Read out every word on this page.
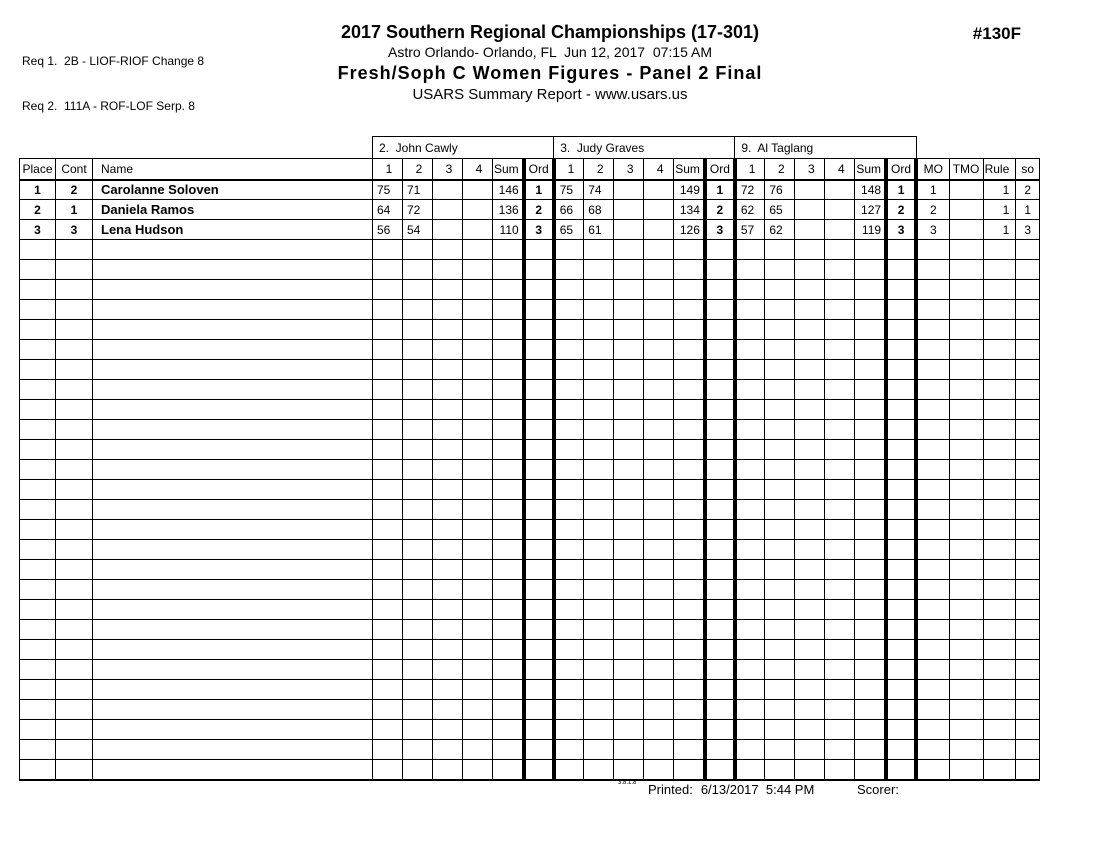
Req 1.  2B - LIOF-RIOF Change 8

Req 2.  111A - ROF-LOF Serp. 8

2017 Southern Regional Championships (17-301)
Astro Orlando- Orlando, FL  Jun 12, 2017  07:15 AM
Fresh/Soph C Women Figures - Panel 2 Final
USARS Summary Report - www.usars.us
#130F
			2.  John Cawly						3.  Judy Graves						9.  Al Taglang									
Place	Cont	Name	1	2	3	4	Sum	Ord	1	2	3	4	Sum	Ord	1	2	3	4	Sum	Ord	MO	TMO	Rule	so
1	2	Carolanne Soloven	75	71			146	1	75	74			149	1	72	76			148	1	1		1	2
2	1	Daniela Ramos	64	72			136	2	66	68			134	2	62	65			127	2	2		1	1
3	3	Lena Hudson	56	54			110	3	65	61			126	3	57	62			119	3	3		1	3

3.8.1.8 Printed: 6/13/2017  5:44 PM	Scorer:
